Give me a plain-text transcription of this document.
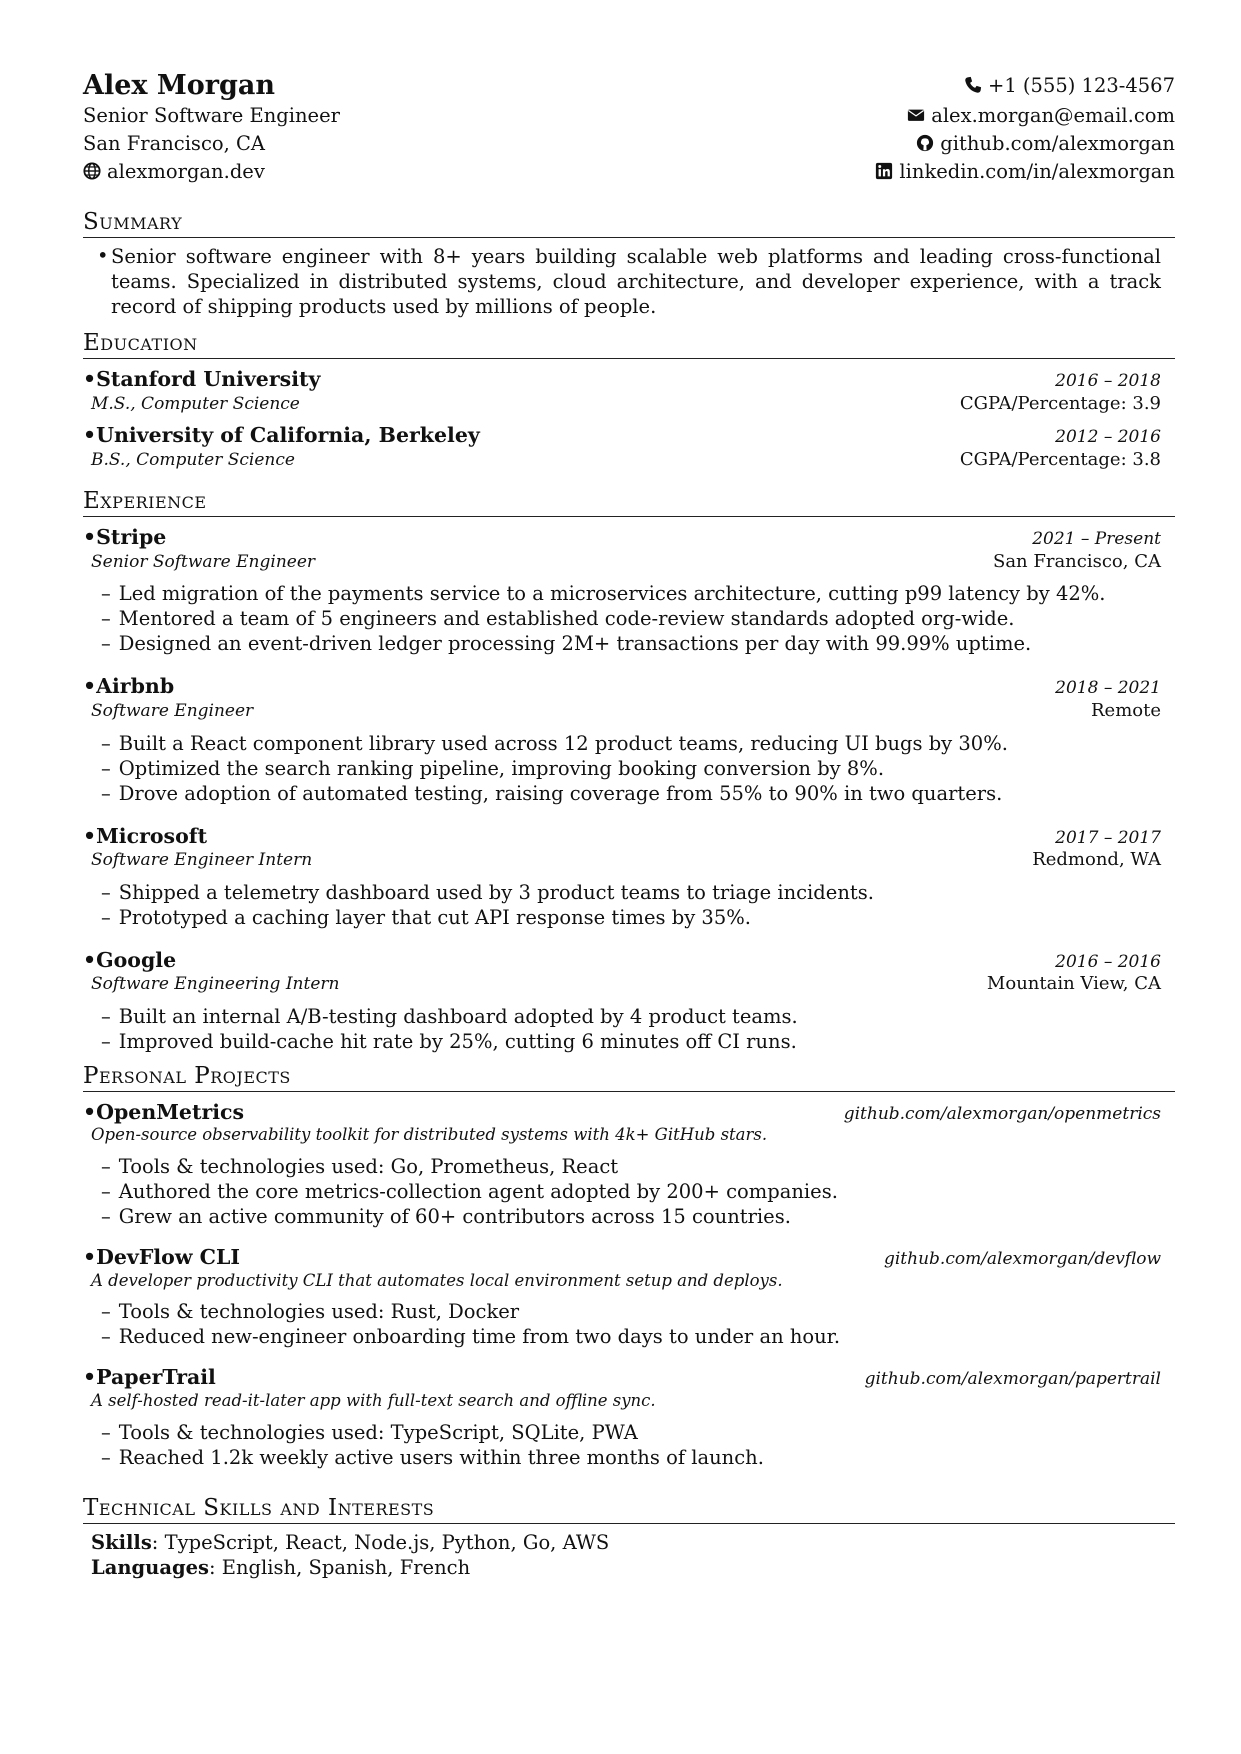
Alex Morgan
Senior Software Engineer
San Francisco, CA
alexmorgan.dev
+1 (555) 123-4567
alex.morgan@email.com
github.com/alexmorgan
linkedin.com/in/alexmorgan
Summary
• Senior software engineer with 8+ years building scalable web platforms and leading cross-functional teams. Specialized in distributed systems, cloud architecture, and developer experience, with a track record of shipping products used by millions of people.
Education
•Stanford University	2016 – 2018
M.S., Computer Science	CGPA/Percentage: 3.9
•University of California, Berkeley	2012 – 2016
B.S., Computer Science	CGPA/Percentage: 3.8
Experience
•Stripe	2021 – Present
Senior Software Engineer	San Francisco, CA
– Led migration of the payments service to a microservices architecture, cutting p99 latency by 42%.
– Mentored a team of 5 engineers and established code-review standards adopted org-wide.
– Designed an event-driven ledger processing 2M+ transactions per day with 99.99% uptime.
•Airbnb	2018 – 2021
Software Engineer	Remote
– Built a React component library used across 12 product teams, reducing UI bugs by 30%.
– Optimized the search ranking pipeline, improving booking conversion by 8%.
– Drove adoption of automated testing, raising coverage from 55% to 90% in two quarters.
•Microsoft	2017 – 2017
Software Engineer Intern	Redmond, WA
– Shipped a telemetry dashboard used by 3 product teams to triage incidents.
– Prototyped a caching layer that cut API response times by 35%.
•Google	2016 – 2016
Software Engineering Intern	Mountain View, CA
– Built an internal A/B-testing dashboard adopted by 4 product teams.
– Improved build-cache hit rate by 25%, cutting 6 minutes off CI runs.
Personal Projects
•OpenMetrics	github.com/alexmorgan/openmetrics
Open-source observability toolkit for distributed systems with 4k+ GitHub stars.
– Tools & technologies used: Go, Prometheus, React
– Authored the core metrics-collection agent adopted by 200+ companies.
– Grew an active community of 60+ contributors across 15 countries.
•DevFlow CLI	github.com/alexmorgan/devflow
A developer productivity CLI that automates local environment setup and deploys.
– Tools & technologies used: Rust, Docker
– Reduced new-engineer onboarding time from two days to under an hour.
•PaperTrail	github.com/alexmorgan/papertrail
A self-hosted read-it-later app with full-text search and offline sync.
– Tools & technologies used: TypeScript, SQLite, PWA
– Reached 1.2k weekly active users within three months of launch.
Technical Skills and Interests
Skills: TypeScript, React, Node.js, Python, Go, AWS
Languages: English, Spanish, French
